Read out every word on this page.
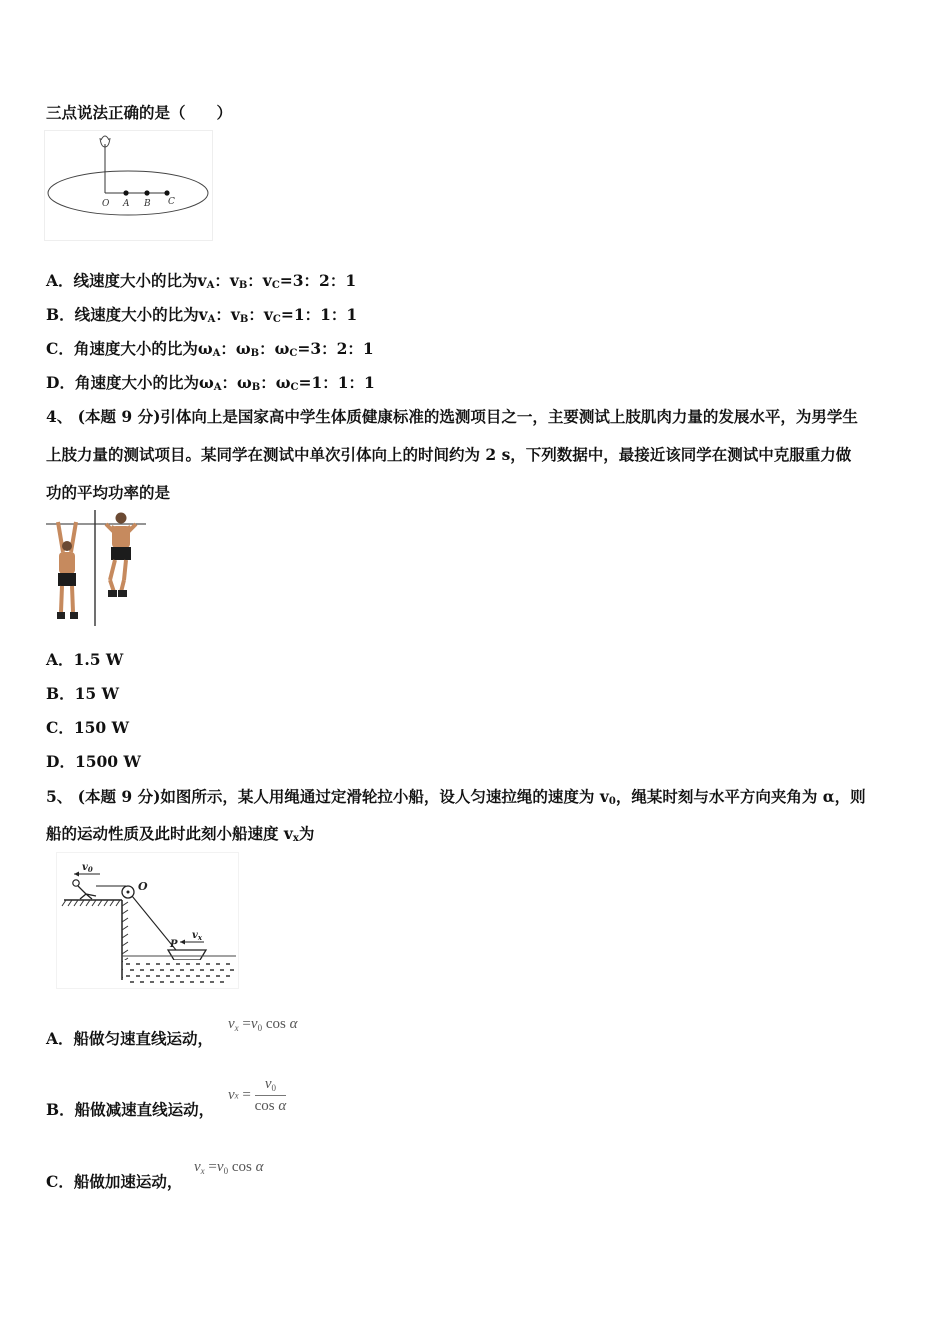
三点说法正确的是（　　）
O A B C
A．线速度大小的比为$v_A$：$v_B$：$v_C=3$：2：1
B．线速度大小的比为$v_A$：$v_B$：$v_C=1$：1：1
C．角速度大小的比为$\omega_A$：$\omega_B$：$\omega_C=3$：2：1
D．角速度大小的比为$\omega_A$：$\omega_B$：$\omega_C=1$：1：1
4、 (本题 9 分)引体向上是国家高中学生体质健康标准的选测项目之一，主要测试上肢肌肉力量的发展水平，为男学生
上肢力量的测试项目。某同学在测试中单次引体向上的时间约为 2 s，下列数据中，最接近该同学在测试中克服重力做
功的平均功率的是
A．1.5 W
B．15 W
C．150 W
D．1500 W
5、 (本题 9 分)如图所示，某人用绳通过定滑轮拉小船，设人匀速拉绳的速度为 $v_0$，绳某时刻与水平方向夹角为 α，则
船的运动性质及此时此刻小船速度 $v_x$为
$v_0$
O
P
$v_x$
A．船做匀速直线运动，
$v_x =v_0$ cos α
B．船做减速直线运动，
vx = $\frac{v_0}{\text{cos α}}$
C．船做加速运动，
$v_x =v_0$ cos α
